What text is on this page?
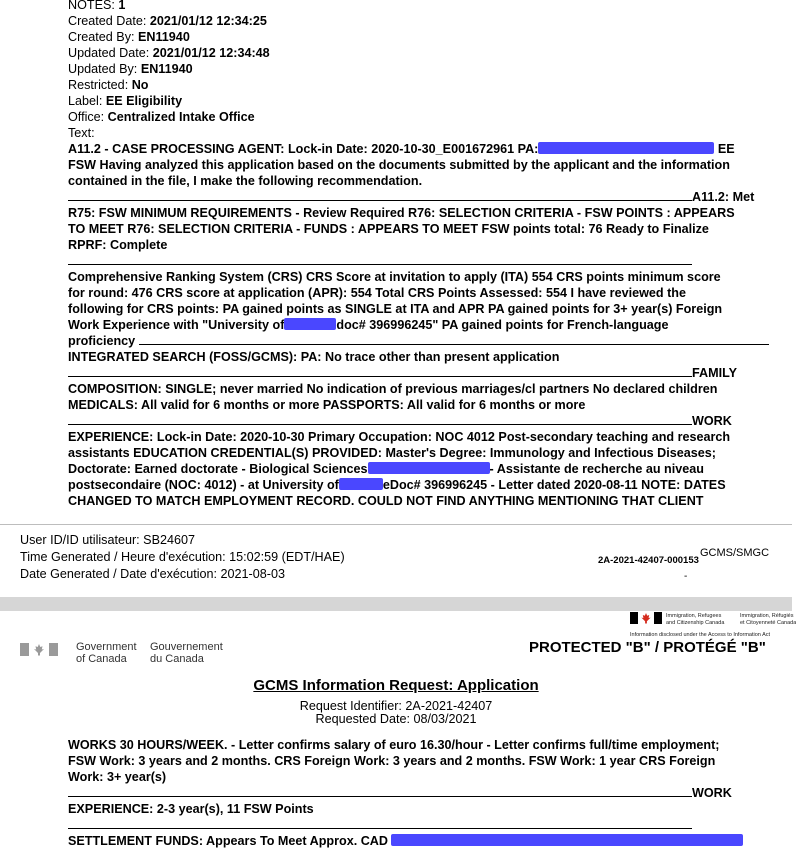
NOTES: 1
Created Date: 2021/01/12 12:34:25
Created By: EN11940
Updated Date: 2021/01/12 12:34:48
Updated By: EN11940
Restricted: No
Label: EE Eligibility
Office: Centralized Intake Office
Text:
A11.2 - CASE PROCESSING AGENT: Lock-in Date: 2020-10-30_E001672961 PA:	EE
FSW Having analyzed this application based on the documents submitted by the applicant and the information
contained in the file, I make the following recommendation.
A11.2: Met
R75: FSW MINIMUM REQUIREMENTS - Review Required R76: SELECTION CRITERIA - FSW POINTS : APPEARS
TO MEET R76: SELECTION CRITERIA - FUNDS : APPEARS TO MEET FSW points total: 76 Ready to Finalize
RPRF: Complete
Comprehensive Ranking System (CRS) CRS Score at invitation to apply (ITA) 554 CRS points minimum score
for round: 476 CRS score at application (APR): 554 Total CRS Points Assessed: 554 I have reviewed the
following for CRS points: PA gained points as SINGLE at ITA and APR PA gained points for 3+ year(s) Foreign
Work Experience with "University of	doc# 396996245" PA gained points for French-language
proficiency
INTEGRATED SEARCH (FOSS/GCMS): PA: No trace other than present application
FAMILY
COMPOSITION: SINGLE; never married No indication of previous marriages/cl partners No declared children
MEDICALS: All valid for 6 months or more PASSPORTS: All valid for 6 months or more
WORK
EXPERIENCE: Lock-in Date: 2020-10-30 Primary Occupation: NOC 4012 Post-secondary teaching and research
assistants EDUCATION CREDENTIAL(S) PROVIDED: Master's Degree: Immunology and Infectious Diseases;
Doctorate: Earned doctorate - Biological Sciences	- Assistante de recherche au niveau
postsecondaire (NOC: 4012) - at University of	eDoc# 396996245 - Letter dated 2020-08-11 NOTE: DATES
CHANGED TO MATCH EMPLOYMENT RECORD. COULD NOT FIND ANYTHING MENTIONING THAT CLIENT
User ID/ID utilisateur: SB24607
Time Generated / Heure d'exécution: 15:02:59 (EDT/HAE)
Date Generated / Date d'exécution: 2021-08-03
GCMS/SMGC
2A-2021-42407-000153
-
Government
of Canada
Gouvernement
du Canada
Immigration, Refugees
and Citizenship Canada
Immigration, Réfugiés
et Citoyenneté Canada
Information disclosed under the Access to Information Act
PROTECTED "B" / PROTÉGÉ "B"
GCMS Information Request: Application
Request Identifier: 2A-2021-42407
Requested Date: 08/03/2021
WORKS 30 HOURS/WEEK. - Letter confirms salary of euro 16.30/hour - Letter confirms full/time employment;
FSW Work: 3 years and 2 months. CRS Foreign Work: 3 years and 2 months. FSW Work: 1 year CRS Foreign
Work: 3+ year(s)
WORK
EXPERIENCE: 2-3 year(s), 11 FSW Points
SETTLEMENT FUNDS: Appears To Meet Approx. CAD
